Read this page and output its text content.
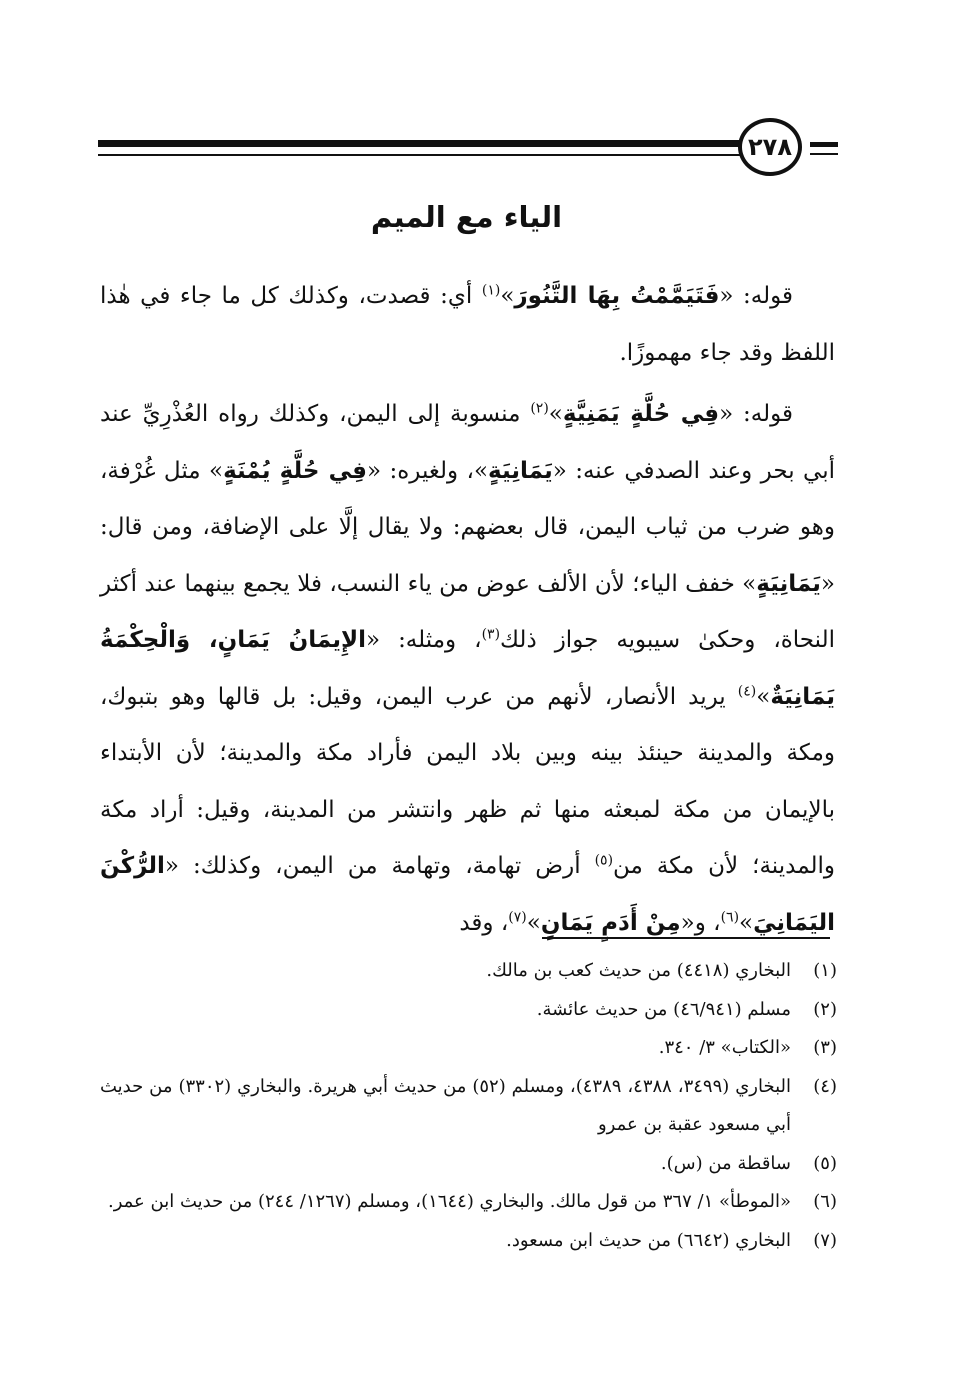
٢٧٨
الياء مع الميم

قوله: «فَتَيَمَّمْتُ بِهَا التَّنُورَ»$^{(١)}$ أي: قصدت، وكذلك كل ما جاء في هٰذا اللفظ وقد جاء مهموزًا.

قوله: «فِي حُلَّةٍ يَمَنِيَّةٍ»$^{(٢)}$ منسوبة إلى اليمن، وكذلك رواه العُذْرِيِّ عند أبي بحر وعند الصدفي عنه: «يَمَانِيَةٍ»، ولغيره: «فِي حُلَّةٍ يُمْنَةٍ» مثل غُرْفة، وهو ضرب من ثياب اليمن، قال بعضهم: ولا يقال إلَّا على الإضافة، ومن قال: «يَمَانِيَةٍ» خفف الياء؛ لأن الألف عوض من ياء النسب، فلا يجمع بينهما عند أكثر النحاة، وحكىٰ سيبويه جواز ذلك$^{(٣)}$، ومثله: «الإِيمَانُ يَمَانٍ، وَالْحِكْمَةُ يَمَانِيَةٌ»$^{(٤)}$ يريد الأنصار، لأنهم من عرب اليمن، وقيل: بل قالها وهو بتبوك، ومكة والمدينة حينئذ بينه وبين بلاد اليمن فأراد مكة والمدينة؛ لأن الأبتداء بالإيمان من مكة لمبعثه منها ثم ظهر وانتشر من المدينة، وقيل: أراد مكة والمدينة؛ لأن مكة من$^{(٥)}$ أرض تهامة، وتهامة من اليمن، وكذلك: «الرُّكْنَ اليَمَانِيَ»$^{(٦)}$، و«مِنْ أَدَمٍ يَمَانٍ»$^{(٧)}$، وقد

(١)
البخاري (٤٤١٨) من حديث كعب بن مالك.
(٢)
مسلم (٤٦/٩٤١) من حديث عائشة.
(٣)
«الكتاب» ٣/ ٣٤٠.
(٤)
البخاري (٣٤٩٩، ٤٣٨٨، ٤٣٨٩)، ومسلم (٥٢) من حديث أبي هريرة. والبخاري (٣٣٠٢) من حديث أبي مسعود عقبة بن عمرو
(٥)
ساقطة من (س).
(٦)
«الموطأ» ١/ ٣٦٧ من قول مالك. والبخاري (١٦٤٤)، ومسلم (١٢٦٧/ ٢٤٤) من حديث ابن عمر.
(٧)
البخاري (٦٦٤٢) من حديث ابن مسعود.
